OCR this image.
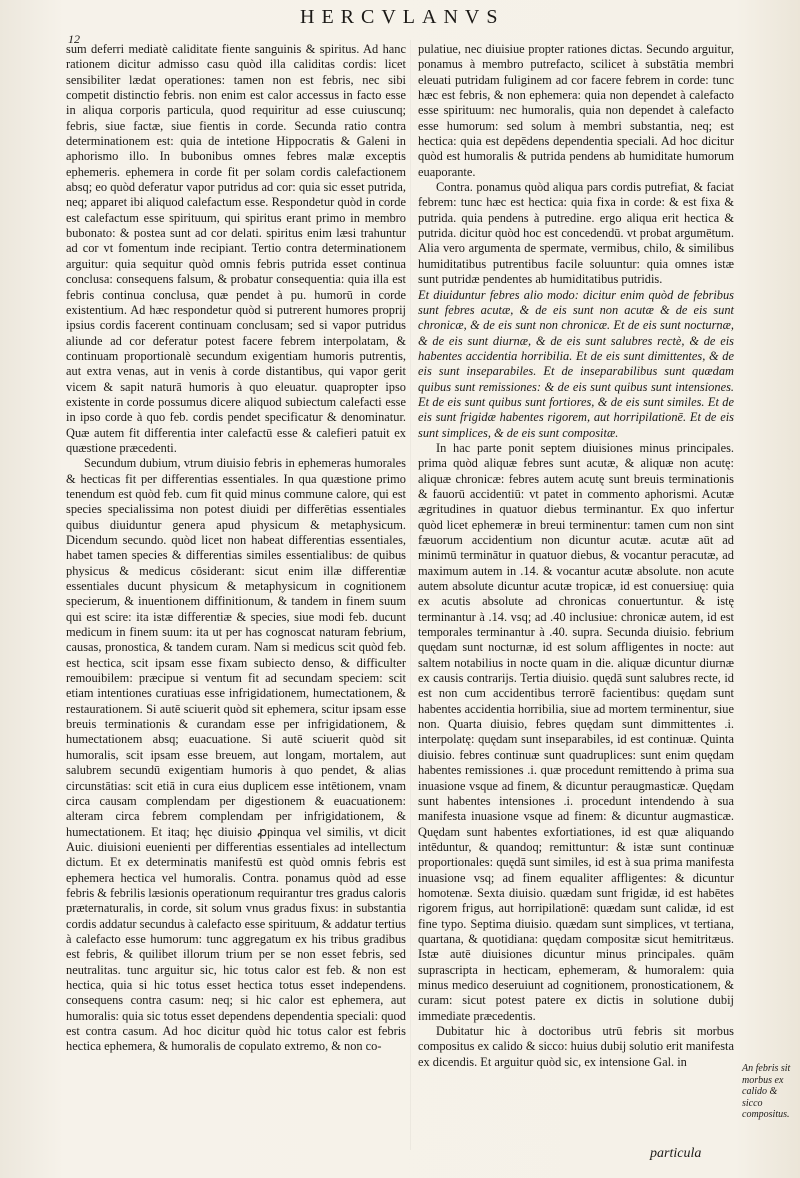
12
HERCVLANVS

sum deferri mediatè caliditate fiente sanguinis & spiritus. Ad hanc rationem dicitur admisso casu quòd illa caliditas cordis: licet sensibiliter lædat operationes: tamen non est febris, nec sibi competit distinctio febris. non enim est calor accessus in facto esse in aliqua corporis particula, quod requiritur ad esse cuiuscunq; febris, siue factæ, siue fientis in corde. Secunda ratio contra determinationem est: quia de intetione Hippocratis & Galeni in aphorismo illo. In bubonibus omnes febres malæ exceptis ephemeris. ephemera in corde fit per solam cordis calefactionem absq; eo quòd deferatur vapor putridus ad cor: quia sic esset putrida, neq; apparet ibi aliquod calefactum esse. Respondetur quòd in corde est calefactum esse spirituum, qui spiritus erant primo in membro bubonato: & postea sunt ad cor delati. spiritus enim læsi trahuntur ad cor vt fomentum inde recipiant. Tertio contra determinationem arguitur: quia sequitur quòd omnis febris putrida esset continua conclusa: consequens falsum, & probatur consequentia: quia illa est febris continua conclusa, quæ pendet à pu. humorū in corde existentium. Ad hæc respondetur quòd si putrerent humores proprij ipsius cordis facerent continuam conclusam; sed si vapor putridus aliunde ad cor deferatur potest facere febrem interpolatam, & continuam proportionalè secundum exigentiam humoris putrentis, aut extra venas, aut in venis à corde distantibus, qui vapor gerit vicem & sapit naturā humoris à quo eleuatur. quapropter ipso existente in corde possumus dicere aliquod subiectum calefacti esse in ipso corde à quo feb. cordis pendet specificatur & denominatur. Quæ autem fit differentia inter calefactū esse & calefieri patuit ex quæstione præcedenti.

Secundum dubium, vtrum diuisio febris in ephemeras humorales & hecticas fit per differentias essentiales. In qua quæstione primo tenendum est quòd feb. cum fit quid minus commune calore, qui est species specialissima non potest diuidi per differētias essentiales quibus diuiduntur genera apud physicum & metaphysicum. Dicendum secundo. quòd licet non habeat differentias essentiales, habet tamen species & differentias similes essentialibus: de quibus physicus & medicus cōsiderant: sicut enim illæ differentiæ essentiales ducunt physicum & metaphysicum in cognitionem specierum, & inuentionem diffinitionum, & tandem in finem suum qui est scire: ita istæ differentiæ & species, siue modi feb. ducunt medicum in finem suum: ita ut per has cognoscat naturam febrium, causas, pronostica, & tandem curam. Nam si medicus scit quòd feb. est hectica, scit ipsam esse fixam subiecto denso, & difficulter remouibilem: præcipue si ventum fit ad secundam speciem: scit etiam intentiones curatiuas esse infrigidationem, humectationem, & restaurationem. Si autē sciuerit quòd sit ephemera, scitur ipsam esse breuis terminationis & curandam esse per infrigidationem, & humectationem absq; euacuatione. Si autē sciuerit quòd sit humoralis, scit ipsam esse breuem, aut longam, mortalem, aut salubrem secundū exigentiam humoris à quo pendet, & alias circunstātias: scit etiā in cura eius duplicem esse intētionem, vnam circa causam complendam per digestionem & euacuationem: alteram circa febrem complendam per infrigidationem, & humectationem. Et itaq; hęc diuisio ꝓpinqua vel similis, vt dicit Auic. diuisioni euenienti per differentias essentiales ad intellectum dictum. Et ex determinatis manifestū est quòd omnis febris est ephemera hectica vel humoralis. Contra. ponamus quòd ad esse febris & febrilis læsionis operationum requirantur tres gradus caloris præternaturalis, in corde, sit solum vnus gradus fixus: in substantia cordis addatur secundus à calefacto esse spirituum, & addatur tertius à calefacto esse humorum: tunc aggregatum ex his tribus gradibus est febris, & quilibet illorum trium per se non esset febris, sed neutralitas. tunc arguitur sic, hic totus calor est feb. & non est hectica, quia si hic totus esset hectica totus esset independens. consequens contra casum: neq; si hic calor est ephemera, aut humoralis: quia sic totus esset dependens dependentia speciali: quod est contra casum. Ad hoc dicitur quòd hic totus calor est febris hectica ephemera, & humoralis de copulato extremo, & non co-

pulatiue, nec diuisiue propter rationes dictas. Secundo arguitur, ponamus à membro putrefacto, scilicet à substātia membri eleuati putridam fuliginem ad cor facere febrem in corde: tunc hæc est febris, & non ephemera: quia non dependet à calefacto esse spirituum: nec humoralis, quia non dependet à calefacto esse humorum: sed solum à membri substantia, neq; est hectica: quia est depēdens dependentia speciali. Ad hoc dicitur quòd est humoralis & putrida pendens ab humiditate humorum euaporante.

Contra. ponamus quòd aliqua pars cordis putrefiat, & faciat febrem: tunc hæc est hectica: quia fixa in corde: & est fixa & putrida. quia pendens à putredine. ergo aliqua erit hectica & putrida. dicitur quòd hoc est concedendū. vt probat argumētum. Alia vero argumenta de spermate, vermibus, chilo, & similibus humiditatibus putrentibus facile soluuntur: quia omnes istæ sunt putridæ pendentes ab humiditatibus putridis.

Et diuiduntur febres alio modo: dicitur enim quòd de febribus sunt febres acutæ, & de eis sunt non acutæ & de eis sunt chronicæ, & de eis sunt non chronicæ. Et de eis sunt nocturnæ, & de eis sunt diurnæ, & de eis sunt salubres rectè, & de eis habentes accidentia horribilia. Et de eis sunt dimittentes, & de eis sunt inseparabiles. Et de inseparabilibus sunt quædam quibus sunt remissiones: & de eis sunt quibus sunt intensiones. Et de eis sunt quibus sunt fortiores, & de eis sunt similes. Et de eis sunt frigidæ habentes rigorem, aut horripilationē. Et de eis sunt simplices, & de eis sunt compositæ.

In hac parte ponit septem diuisiones minus principales. prima quòd aliquæ febres sunt acutæ, & aliquæ non acutę: aliquæ chronicæ: febres autem acutę sunt breuis terminationis & fauorū accidentiū: vt patet in commento aphorismi. Acutæ ægritudines in quatuor diebus terminantur. Ex quo infertur quòd licet ephemeræ in breui terminentur: tamen cum non sint fæuorum accidentium non dicuntur acutæ. acutæ aūt ad minimū terminātur in quatuor diebus, & vocantur peracutæ, ad maximum autem in .14. & vocantur acutæ absolute. non acute autem absolute dicuntur acutæ tropicæ, id est conuersiuę: quia ex acutis absolute ad chronicas conuertuntur. & istę terminantur à .14. vsq; ad .40 inclusiue: chronicæ autem, id est temporales terminantur à .40. supra. Secunda diuisio. febrium quędam sunt nocturnæ, id est solum affligentes in nocte: aut saltem notabilius in nocte quam in die. aliquæ dicuntur diurnæ ex causis contrarijs. Tertia diuisio. quędā sunt salubres recte, id est non cum accidentibus terrorē facientibus: quędam sunt habentes accidentia horribilia, siue ad mortem terminentur, siue non. Quarta diuisio, febres quędam sunt dimmittentes .i. interpolatę: quędam sunt inseparabiles, id est continuæ. Quinta diuisio. febres continuæ sunt quadruplices: sunt enim quędam habentes remissiones .i. quæ procedunt remittendo à prima sua inuasione vsque ad finem, & dicuntur peraugmasticæ. Quędam sunt habentes intensiones .i. procedunt intendendo à sua manifesta inuasione vsque ad finem: & dicuntur augmasticæ. Quędam sunt habentes exfortiationes, id est quæ aliquando intēduntur, & quandoq; remittuntur: & istæ sunt continuæ proportionales: quędā sunt similes, id est à sua prima manifesta inuasione vsq; ad finem equaliter affligentes: & dicuntur homotenæ. Sexta diuisio. quædam sunt frigidæ, id est habētes rigorem frigus, aut horripilationē: quædam sunt calidæ, id est fine typo. Septima diuisio. quædam sunt simplices, vt tertiana, quartana, & quotidiana: quędam compositæ sicut hemitritæus. Istæ autē diuisiones dicuntur minus principales. quām suprascripta in hecticam, ephemeram, & humoralem: quia minus medico deseruiunt ad cognitionem, pronosticationem, & curam: sicut potest patere ex dictis in solutione dubij immediate præcedentis.

Dubitatur hic à doctoribus utrū febris sit morbus compositus ex calido & sicco: huius dubij solutio erit manifesta ex dicendis. Et arguitur quòd sic, ex intensione Gal. in	An febris sit morbus ex calido & sicco compositus.
particula
